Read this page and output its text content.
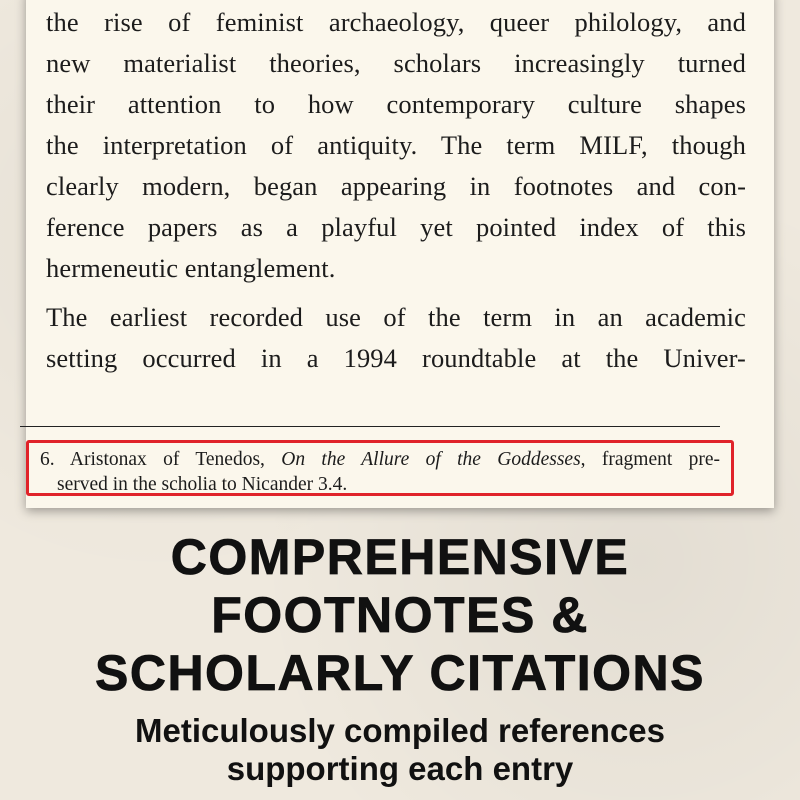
the rise of feminist archaeology, queer philology, and
new materialist theories, scholars increasingly turned
their attention to how contemporary culture shapes
the interpretation of antiquity. The term MILF, though
clearly modern, began appearing in footnotes and con-
ference papers as a playful yet pointed index of this
hermeneutic entanglement.

The earliest recorded use of the term in an academic
setting occurred in a 1994 roundtable at the Univer-

6. Aristonax of Tenedos, On the Allure of the Goddesses, fragment pre-
served in the scholia to Nicander 3.4.
COMPREHENSIVE
FOOTNOTES &
SCHOLARLY CITATIONS
Meticulously compiled references
supporting each entry
